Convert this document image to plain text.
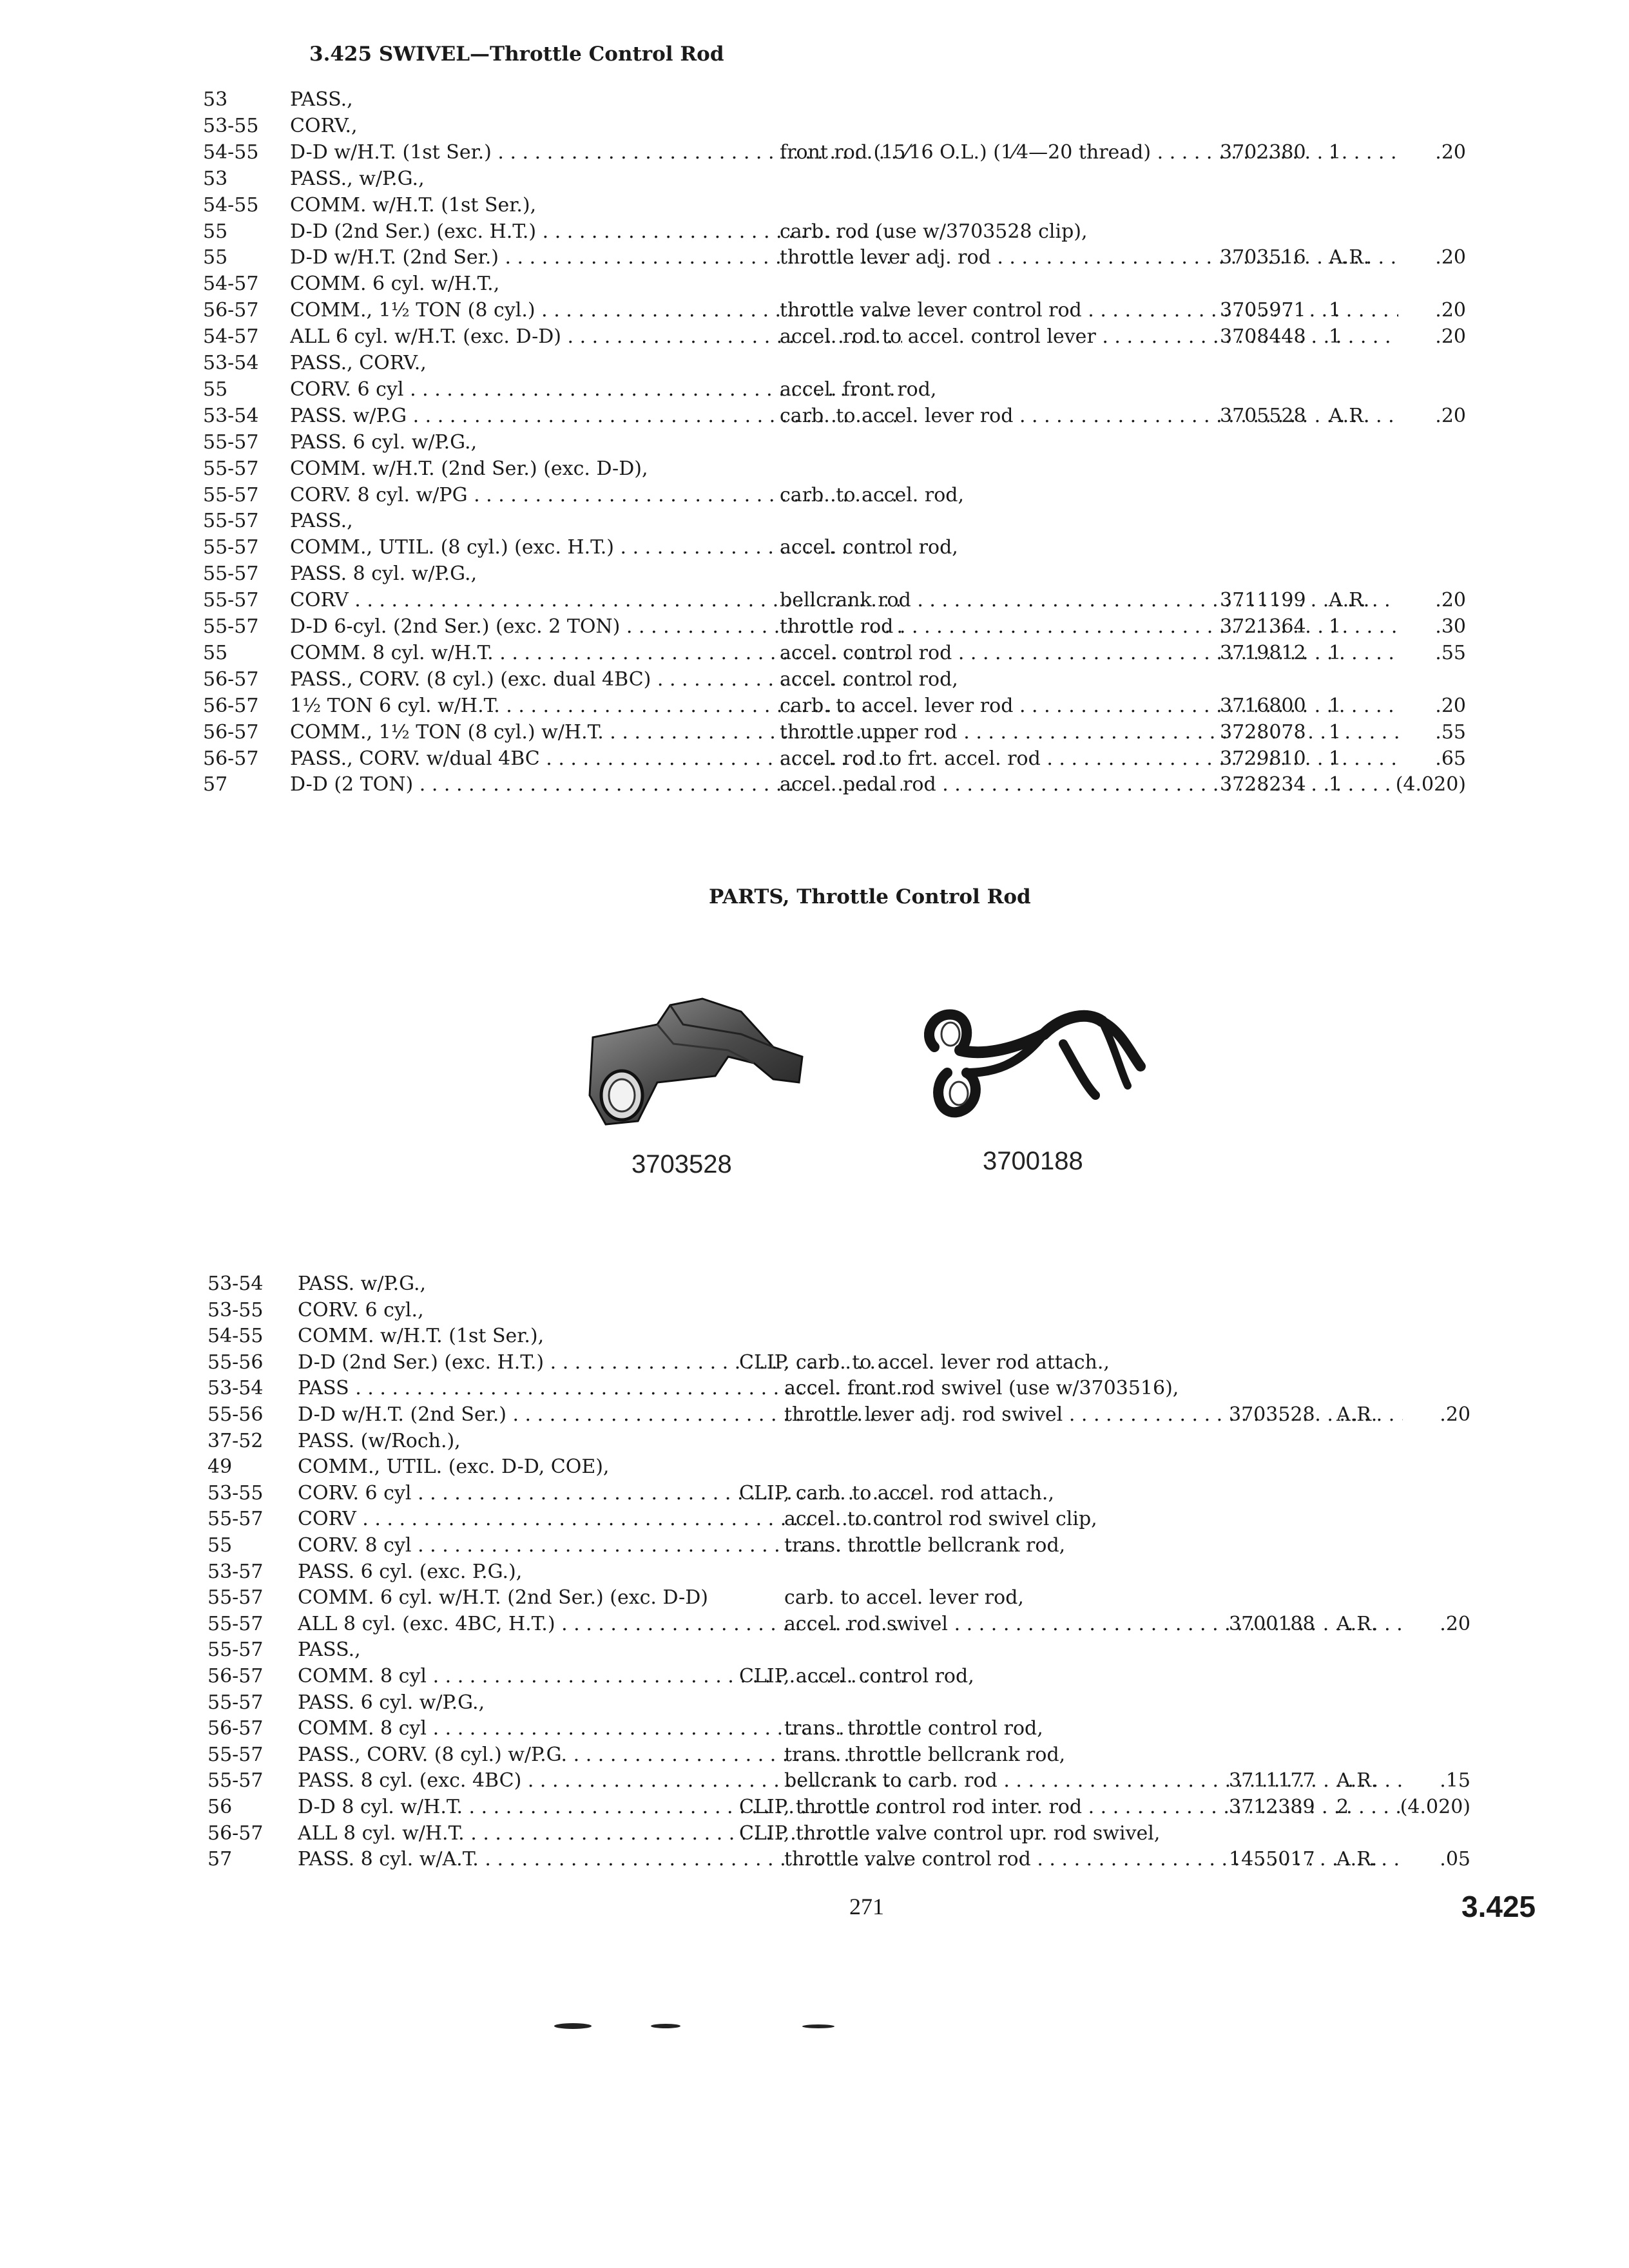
3.425 SWIVEL—Throttle Control Rod
53	PASS.,
53-55	CORV.,
54-55	D-D w/H.T. (1st Ser.) . . .	front rod (15⁄16 O.L.) (1⁄4—20 thread) . . .	3702380 1	.20
53	PASS., w/P.G.,
54-55	COMM. w/H.T. (1st Ser.),
55	D-D (2nd Ser.) (exc. H.T.) . . .	carb. rod (use w/3703528 clip),
55	D-D w/H.T. (2nd Ser.) . . .	throttle lever adj. rod . . .	3703516 A.R.	.20
54-57	COMM. 6 cyl. w/H.T.,
56-57	COMM., 1½ TON (8 cyl.) . . .	throttle valve lever control rod . . .	3705971 1	.20
54-57	ALL 6 cyl. w/H.T. (exc. D-D) . . .	accel. rod to accel. control lever . . .	3708448 1	.20
53-54	PASS., CORV.,
55	CORV. 6 cyl . . .	accel. front rod,
53-54	PASS. w/P.G . . .	carb. to accel. lever rod . . .	3705528 A.R.	.20
55-57	PASS. 6 cyl. w/P.G.,
55-57	COMM. w/H.T. (2nd Ser.) (exc. D-D),
55-57	CORV. 8 cyl. w/PG . . .	carb. to accel. rod,
55-57	PASS.,
55-57	COMM., UTIL. (8 cyl.) (exc. H.T.) . . .	accel. control rod,
55-57	PASS. 8 cyl. w/P.G.,
55-57	CORV . . .	bellcrank rod . . .	3711199 A.R.	.20
55-57	D-D 6-cyl. (2nd Ser.) (exc. 2 TON) . . .	throttle rod . . .	3721364 1	.30
55	COMM. 8 cyl. w/H.T. . . .	accel. control rod . . .	3719812 1	.55
56-57	PASS., CORV. (8 cyl.) (exc. dual 4BC) . . .	accel. control rod,
56-57	1½ TON 6 cyl. w/H.T. . . .	carb. to accel. lever rod . . .	3716800 1	.20
56-57	COMM., 1½ TON (8 cyl.) w/H.T. . . .	throttle upper rod . . .	3728078 1	.55
56-57	PASS., CORV. w/dual 4BC . . .	accel. rod to frt. accel. rod . . .	3729810 1	.65
57	D-D (2 TON) . . .	accel. pedal rod . . .	3728234 1	(4.020)
PARTS, Throttle Control Rod
3703528	3700188
53-54	PASS. w/P.G.,
53-55	CORV. 6 cyl.,
54-55	COMM. w/H.T. (1st Ser.),
55-56	D-D (2nd Ser.) (exc. H.T.) . . .	CLIP, carb. to accel. lever rod attach.,
53-54	PASS . . .	accel. front rod swivel (use w/3703516),
55-56	D-D w/H.T. (2nd Ser.) . . .	throttle lever adj. rod swivel . . .	3703528 A.R.	.20
37-52	PASS. (w/Roch.),
49	COMM., UTIL. (exc. D-D, COE),
53-55	CORV. 6 cyl . . .	CLIP, carb. to accel. rod attach.,
55-57	CORV . . .	accel. to control rod swivel clip,
55	CORV. 8 cyl . . .	trans. throttle bellcrank rod,
53-57	PASS. 6 cyl. (exc. P.G.),
55-57	COMM. 6 cyl. w/H.T. (2nd Ser.) (exc. D-D)	carb. to accel. lever rod,
55-57	ALL 8 cyl. (exc. 4BC, H.T.) . . .	accel. rod swivel . . .	3700188 A.R.	.20
55-57	PASS.,
56-57	COMM. 8 cyl . . .	CLIP, accel. control rod,
55-57	PASS. 6 cyl. w/P.G.,
56-57	COMM. 8 cyl . . .	trans. throttle control rod,
55-57	PASS., CORV. (8 cyl.) w/P.G. . . .	trans. throttle bellcrank rod,
55-57	PASS. 8 cyl. (exc. 4BC) . . .	bellcrank to carb. rod . . .	3711177 A.R.	.15
56	D-D 8 cyl. w/H.T. . . .	CLIP, throttle control rod inter. rod . . .	3712389 2	(4.020)
56-57	ALL 8 cyl. w/H.T. . . .	CLIP, throttle valve control upr. rod swivel,
57	PASS. 8 cyl. w/A.T. . . .	throttle valve control rod . . .	1455017 A.R.	.05
271	3.425
